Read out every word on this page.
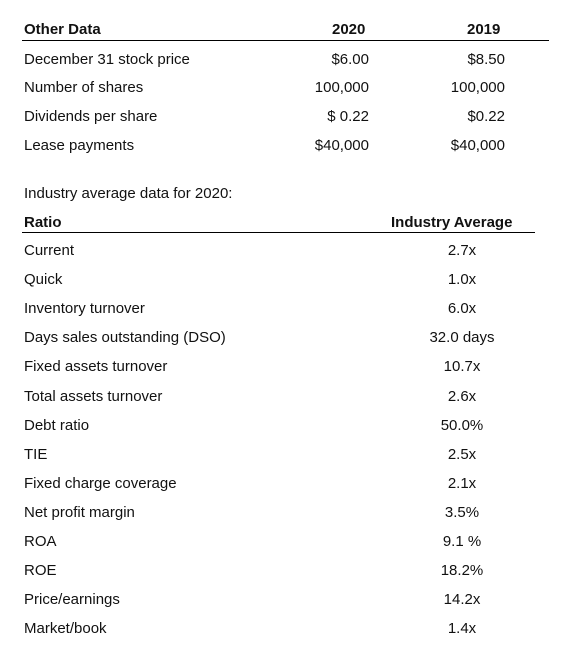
Other Data	2020	2019
December 31 stock price	$6.00	$8.50
Number of shares	100,000	100,000
Dividends per share	$ 0.22	$0.22
Lease payments	$40,000	$40,000
Industry average data for 2020:
Ratio	Industry Average
Current	2.7x
Quick	1.0x
Inventory turnover	6.0x
Days sales outstanding (DSO)	32.0 days
Fixed assets turnover	10.7x
Total assets turnover	2.6x
Debt ratio	50.0%
TIE	2.5x
Fixed charge coverage	2.1x
Net profit margin	3.5%
ROA	9.1 %
ROE	18.2%
Price/earnings	14.2x
Market/book	1.4x
